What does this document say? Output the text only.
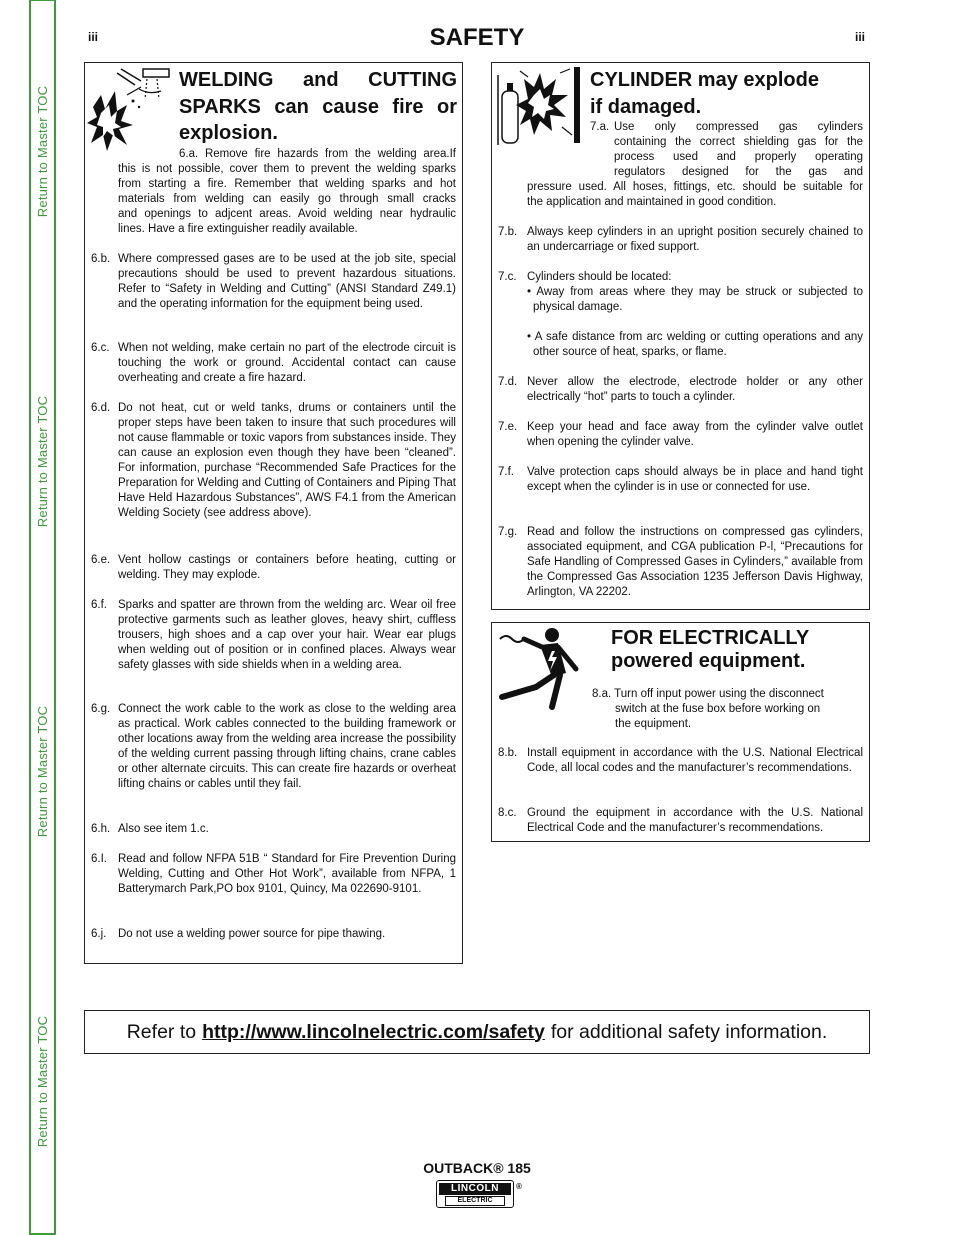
Return to Master TOC
Return to Master TOC
Return to Master TOC
Return to Master TOC
iii	iii
SAFETY
WELDING and CUTTING
SPARKS can cause fire or
explosion.
6.a. Remove fire hazards from the welding area.If
this is not possible, cover them to prevent the welding sparks
from starting a fire. Remember that welding sparks and hot
materials from welding can easily go through small cracks
and openings to adjcent areas. Avoid welding near hydraulic
lines. Have a fire extinguisher readily available.
6.b. Where compressed gases are to be used at the job site, special precautions should be used to prevent hazardous situations. Refer to “Safety in Welding and Cutting” (ANSI Standard Z49.1) and the operating information for the equipment being used.
6.c. When not welding, make certain no part of the electrode circuit is touching the work or ground. Accidental contact can cause overheating and create a fire hazard.
6.d. Do not heat, cut or weld tanks, drums or containers until the proper steps have been taken to insure that such procedures will not cause flammable or toxic vapors from substances inside. They can cause an explosion even though they have been “cleaned”. For information, purchase “Recommended Safe Practices for the Preparation for Welding and Cutting of Containers and Piping That Have Held Hazardous Substances”, AWS F4.1 from the American Welding Society (see address above).
6.e. Vent hollow castings or containers before heating, cutting or welding. They may explode.
6.f. Sparks and spatter are thrown from the welding arc. Wear oil free protective garments such as leather gloves, heavy shirt, cuffless trousers, high shoes and a cap over your hair. Wear ear plugs when welding out of position or in confined places. Always wear safety glasses with side shields when in a welding area.
6.g. Connect the work cable to the work as close to the welding area as practical. Work cables connected to the building framework or other locations away from the welding area increase the possibility of the welding current passing through lifting chains, crane cables or other alternate circuits. This can create fire hazards or overheat lifting chains or cables until they fail.
6.h. Also see item 1.c.
6.I. Read and follow NFPA 51B “ Standard for Fire Prevention During Welding, Cutting and Other Hot Work”, available from NFPA, 1 Batterymarch Park,PO box 9101, Quincy, Ma 022690-9101.
6.j. Do not use a welding power source for pipe thawing.
CYLINDER may explode
if damaged.
7.a. Use only compressed gas cylinders
containing the correct shielding gas for the
process used and properly operating
regulators designed for the gas and
pressure used. All hoses, fittings, etc. should be suitable for
the application and maintained in good condition.
7.b. Always keep cylinders in an upright position securely chained to an undercarriage or fixed support.
7.c. Cylinders should be located:
• Away from areas where they may be struck or subjected to physical damage.
• A safe distance from arc welding or cutting operations and any other source of heat, sparks, or flame.
7.d. Never allow the electrode, electrode holder or any other electrically “hot” parts to touch a cylinder.
7.e. Keep your head and face away from the cylinder valve outlet when opening the cylinder valve.
7.f. Valve protection caps should always be in place and hand tight except when the cylinder is in use or connected for use.
7.g. Read and follow the instructions on compressed gas cylinders, associated equipment, and CGA publication P-l, “Precautions for Safe Handling of Compressed Gases in Cylinders,” available from the Compressed Gas Association 1235 Jefferson Davis Highway, Arlington, VA 22202.
FOR ELECTRICALLY
powered equipment.
8.a. Turn off input power using the disconnect
switch at the fuse box before working on
the equipment.
8.b. Install equipment in accordance with the U.S. National Electrical Code, all local codes and the manufacturer’s recommendations.
8.c. Ground the equipment in accordance with the U.S. National Electrical Code and the manufacturer’s recommendations.
Refer to http://www.lincolnelectric.com/safety for additional safety information.
OUTBACK® 185
LINCOLN
ELECTRIC
®
